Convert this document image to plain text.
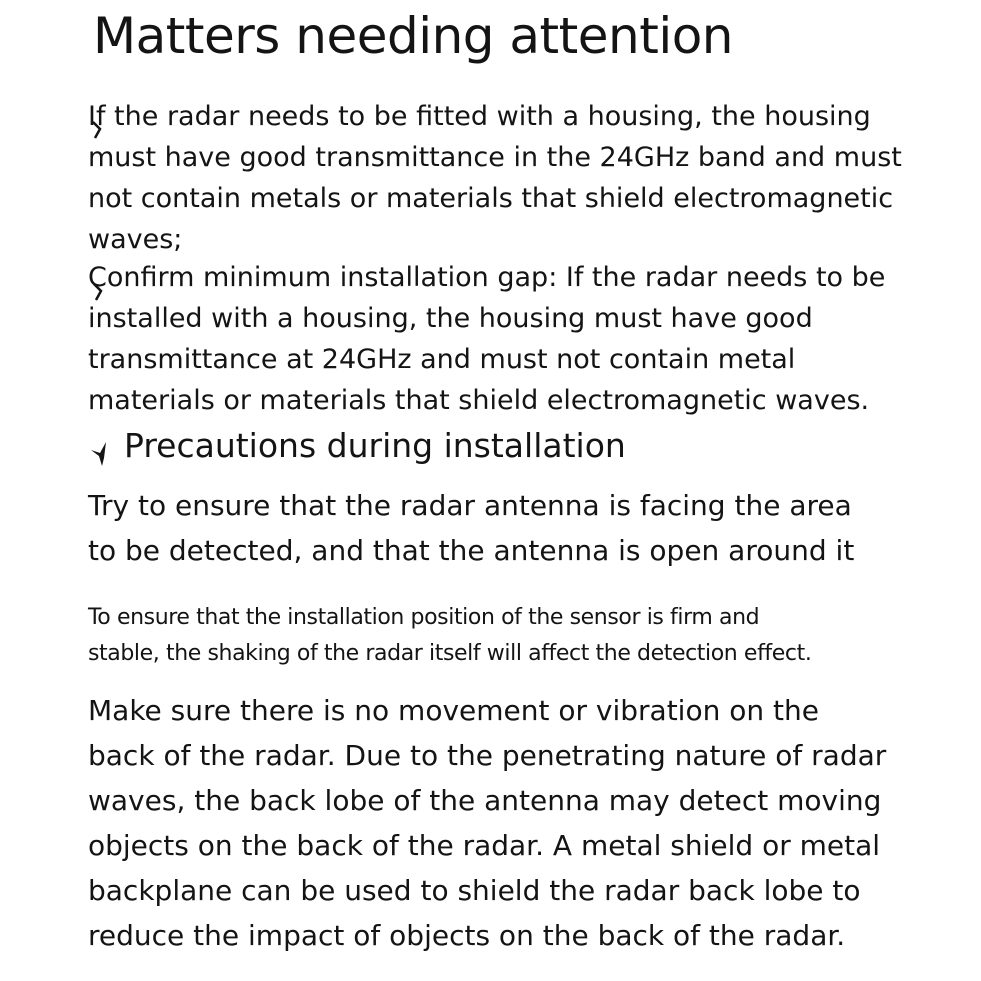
Matters needing attention

If the radar needs to be fitted with a housing, the housing
must have good transmittance in the 24GHz band and must
not contain metals or materials that shield electromagnetic
waves;

Confirm minimum installation gap: If the radar needs to be
installed with a housing, the housing must have good
transmittance at 24GHz and must not contain metal
materials or materials that shield electromagnetic waves.

Precautions during installation

Try to ensure that the radar antenna is facing the area
to be detected, and that the antenna is open around it

To ensure that the installation position of the sensor is firm and
stable, the shaking of the radar itself will affect the detection effect.

Make sure there is no movement or vibration on the
back of the radar. Due to the penetrating nature of radar
waves, the back lobe of the antenna may detect moving
objects on the back of the radar. A metal shield or metal
backplane can be used to shield the radar back lobe to
reduce the impact of objects on the back of the radar.
